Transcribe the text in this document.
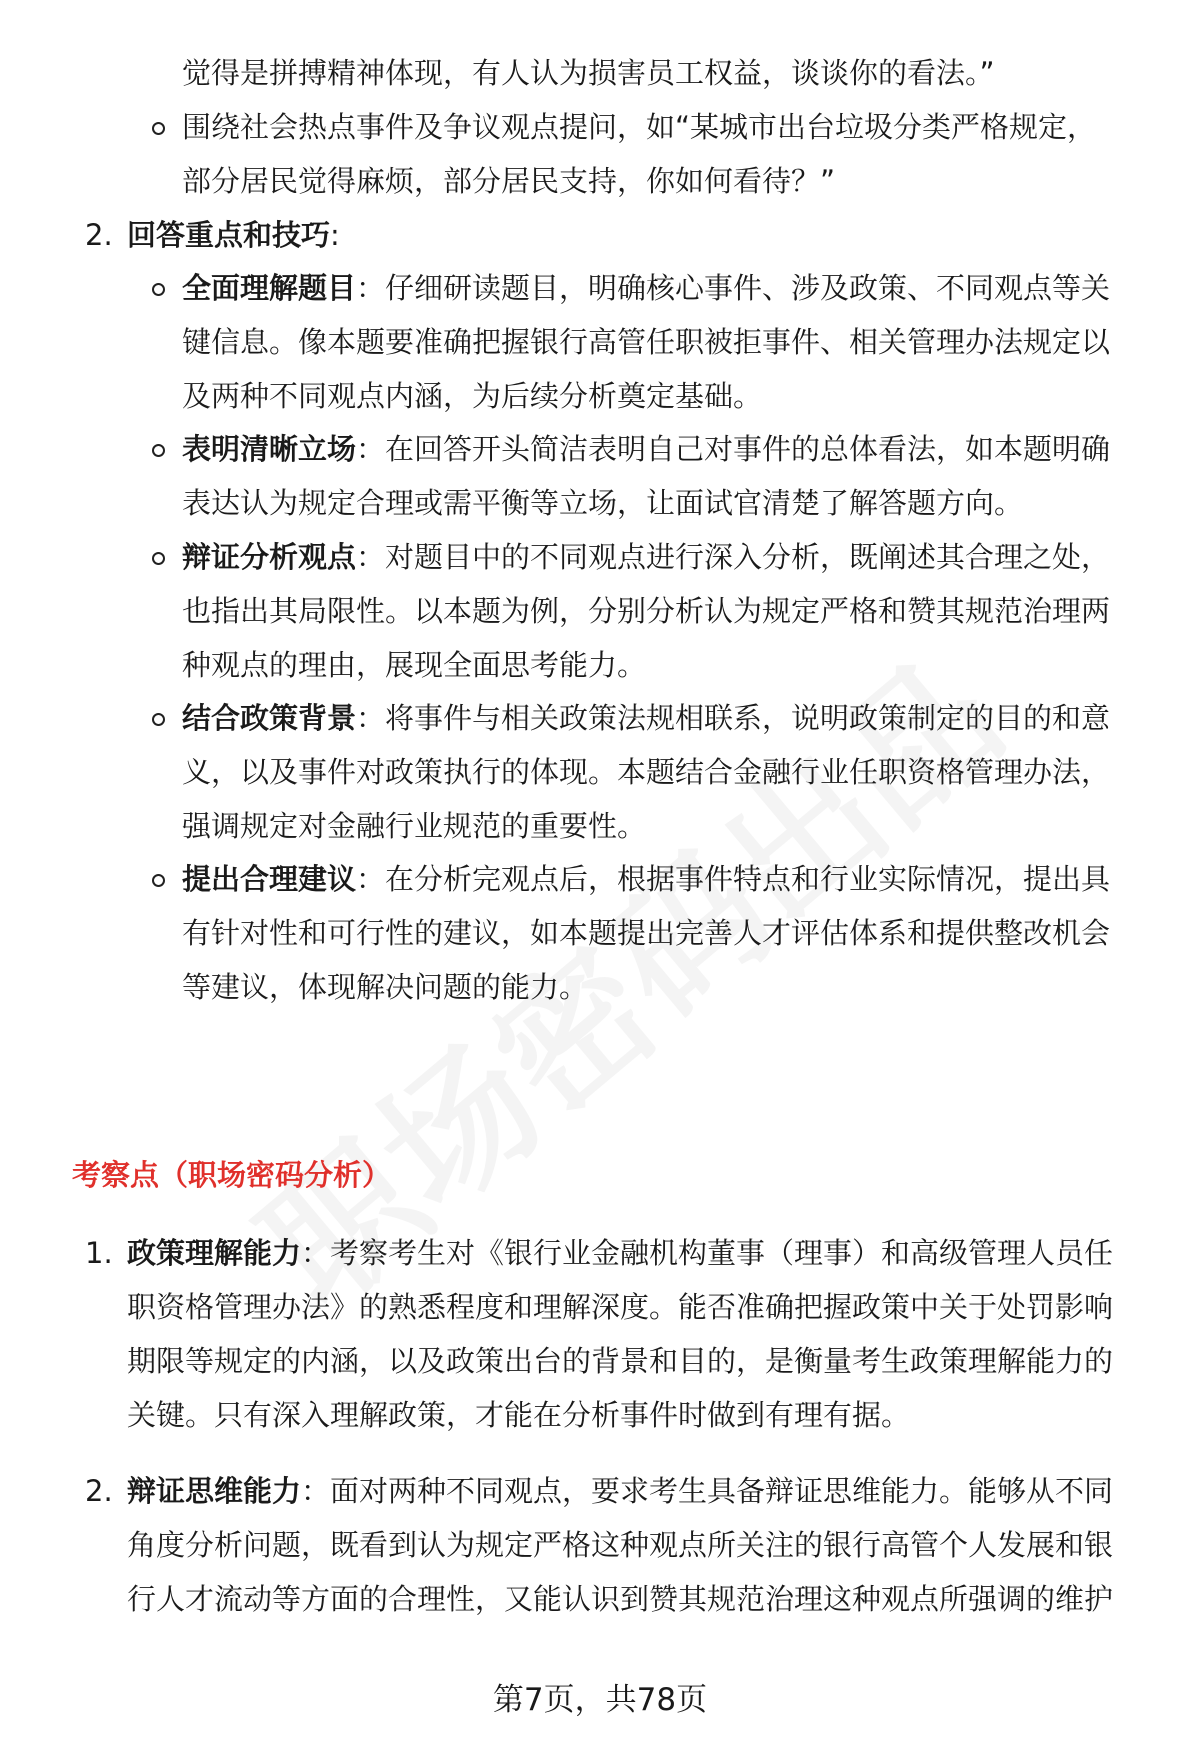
觉得是拼搏精神体现，有人认为损害员工权益，谈谈你的看法。”
围绕社会热点事件及争议观点提问，如“某城市出台垃圾分类严格规定，
部分居民觉得麻烦，部分居民支持，你如何看待？”
2. 回答重点和技巧:
全面理解题目：仔细研读题目，明确核心事件、涉及政策、不同观点等关
键信息。像本题要准确把握银行高管任职被拒事件、相关管理办法规定以
及两种不同观点内涵，为后续分析奠定基础。
表明清晰立场：在回答开头简洁表明自己对事件的总体看法，如本题明确
表达认为规定合理或需平衡等立场，让面试官清楚了解答题方向。
辩证分析观点：对题目中的不同观点进行深入分析，既阐述其合理之处，
也指出其局限性。以本题为例，分别分析认为规定严格和赞其规范治理两
种观点的理由，展现全面思考能力。
结合政策背景：将事件与相关政策法规相联系，说明政策制定的目的和意
义，以及事件对政策执行的体现。本题结合金融行业任职资格管理办法，
强调规定对金融行业规范的重要性。
提出合理建议：在分析完观点后，根据事件特点和行业实际情况，提出具
有针对性和可行性的建议，如本题提出完善人才评估体系和提供整改机会
等建议，体现解决问题的能力。
考察点（职场密码分析）
1. 政策理解能力：考察考生对《银行业金融机构董事（理事）和高级管理人员任
职资格管理办法》的熟悉程度和理解深度。能否准确把握政策中关于处罚影响
期限等规定的内涵，以及政策出台的背景和目的，是衡量考生政策理解能力的
关键。只有深入理解政策，才能在分析事件时做到有理有据。
2. 辩证思维能力：面对两种不同观点，要求考生具备辩证思维能力。能够从不同
角度分析问题，既看到认为规定严格这种观点所关注的银行高管个人发展和银
行人才流动等方面的合理性，又能认识到赞其规范治理这种观点所强调的维护
第7页，共78页
